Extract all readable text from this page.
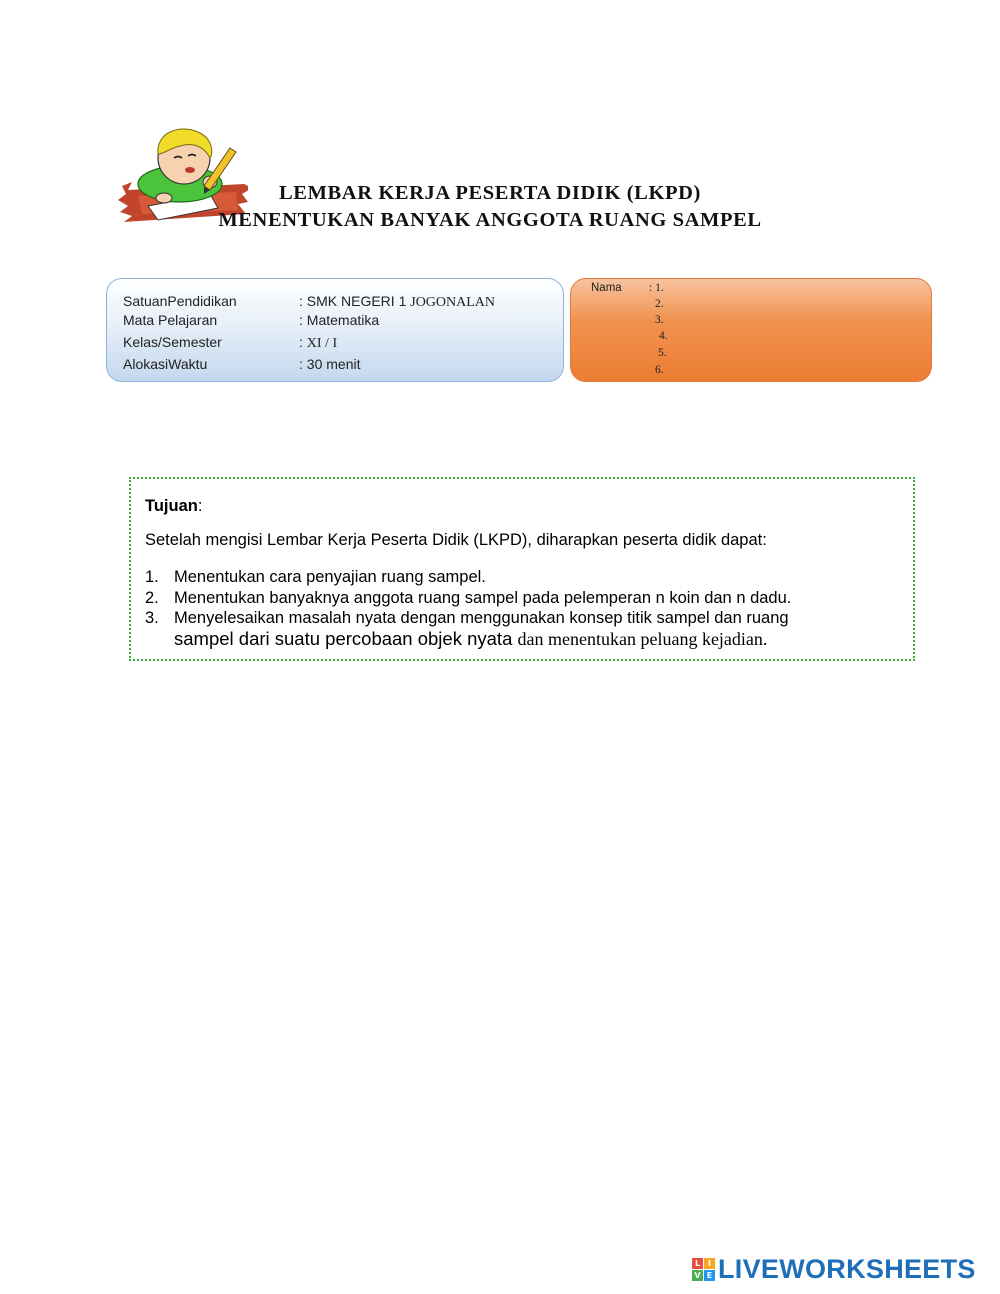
LEMBAR KERJA PESERTA DIDIK (LKPD)
MENENTUKAN BANYAK ANGGOTA RUANG SAMPEL
SatuanPendidikan	: SMK NEGERI 1 JOGONALAN
Mata Pelajaran	: Matematika
Kelas/Semester	: XI / I
AlokasiWaktu	: 30 menit
Nama : 1.
2.
3.
4.
5.
6.
Tujuan:
Setelah mengisi Lembar Kerja Peserta Didik (LKPD), diharapkan peserta didik dapat:
1. Menentukan cara penyajian ruang sampel.
2. Menentukan banyaknya anggota ruang sampel pada pelemperan n koin dan n dadu.
3. Menyelesaikan masalah nyata dengan menggunakan konsep titik sampel dan ruang
sampel dari suatu percobaan objek nyata dan menentukan peluang kejadian.
L I
V E LIVEWORKSHEETS
